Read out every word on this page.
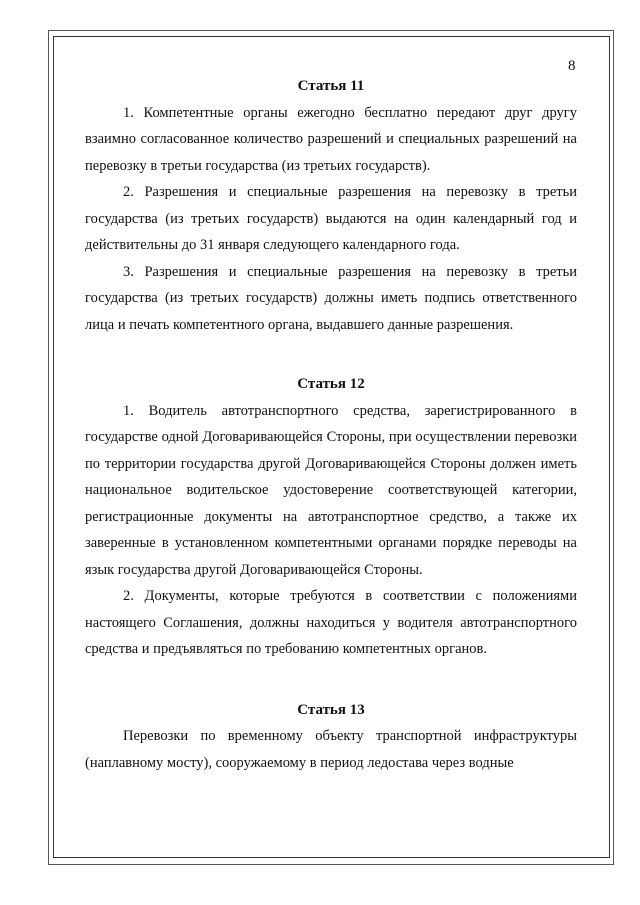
8

Статья 11

1. Компетентные органы ежегодно бесплатно передают друг другу взаимно согласованное количество разрешений и специальных разрешений на перевозку в третьи государства (из третьих государств).

2. Разрешения и специальные разрешения на перевозку в третьи государства (из третьих государств) выдаются на один календарный год и действительны до 31 января следующего календарного года.

3. Разрешения и специальные разрешения на перевозку в третьи государства (из третьих государств) должны иметь подпись ответственного лица и печать компетентного органа, выдавшего данные разрешения.

Статья 12

1. Водитель автотранспортного средства, зарегистрированного в государстве одной Договаривающейся Стороны, при осуществлении перевозки по территории государства другой Договаривающейся Стороны должен иметь национальное водительское удостоверение соответствующей категории, регистрационные документы на автотранспортное средство, а также их заверенные в установленном компетентными органами порядке переводы на язык государства другой Договаривающейся Стороны.

2. Документы, которые требуются в соответствии с положениями настоящего Соглашения, должны находиться у водителя автотранспортного средства и предъявляться по требованию компетентных органов.

Статья 13

Перевозки по временному объекту транспортной инфраструктуры (наплавному мосту), сооружаемому в период ледостава через водные
